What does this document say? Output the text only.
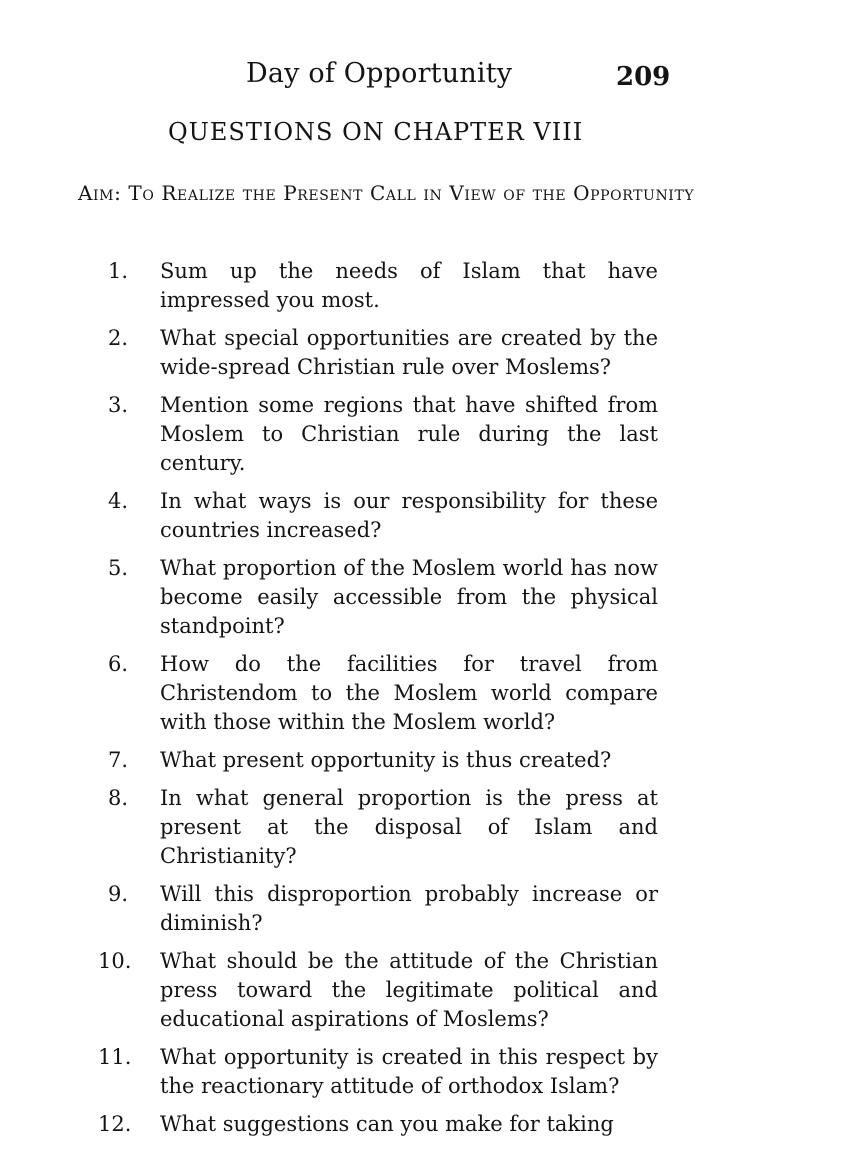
Day of Opportunity	209
QUESTIONS ON CHAPTER VIII
Aim: To Realize the Present Call in View of the Opportunity
1.	Sum up the needs of Islam that have impressed you most.
2.	What special opportunities are created by the wide-spread Christian rule over Moslems?
3.	Mention some regions that have shifted from Moslem to Christian rule during the last century.
4.	In what ways is our responsibility for these countries increased?
5.	What proportion of the Moslem world has now become easily accessible from the physical standpoint?
6.	How do the facilities for travel from Christendom to the Moslem world compare with those within the Moslem world?
7.	What present opportunity is thus created?
8.	In what general proportion is the press at present at the disposal of Islam and Christianity?
9.	Will this disproportion probably increase or diminish?
10.	What should be the attitude of the Christian press toward the legitimate political and educational aspirations of Moslems?
11.	What opportunity is created in this respect by the reactionary attitude of orthodox Islam?
12.	What suggestions can you make for taking
